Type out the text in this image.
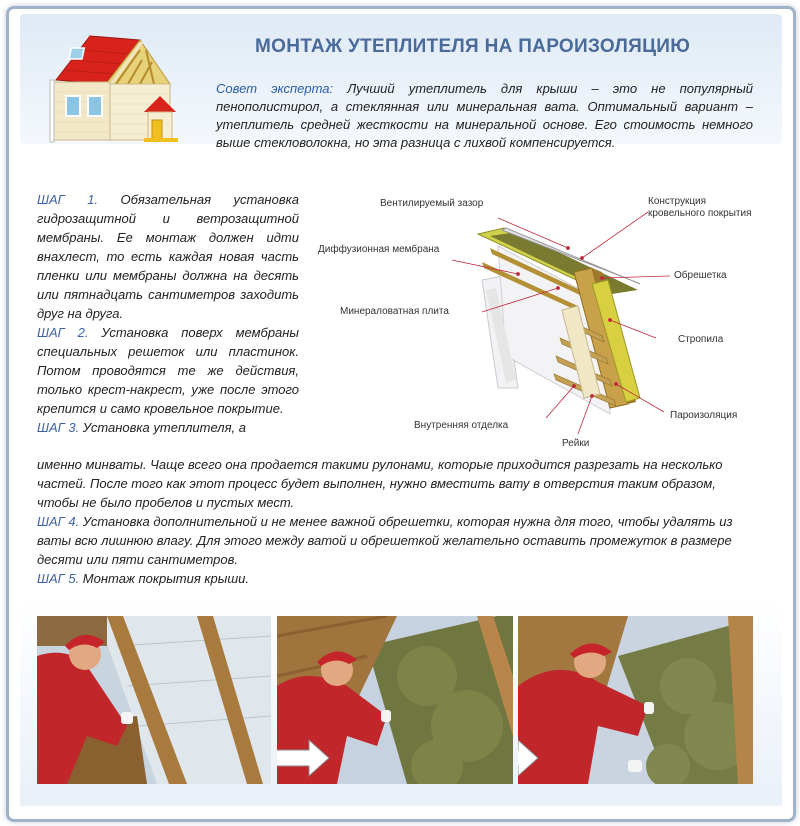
МОНТАЖ УТЕПЛИТЕЛЯ НА ПАРОИЗОЛЯЦИЮ
Совет эксперта: Лучший утеплитель для крыши – это не популярный пенополистирол, а стеклянная или минеральная вата. Оптимальный вариант – утеплитель средней жесткости на минеральной основе. Его стоимость немного выше стекловолокна, но эта разница с лихвой компенсируется.

ШАГ 1. Обязательная установка гидрозащитной и ветрозащитной мембраны. Ее монтаж должен идти внахлест, то есть каждая новая часть пленки или мембраны должна на десять или пятнадцать сантиметров заходить друг на друга.

ШАГ 2. Установка поверх мембраны специальных решеток или пластинок. Потом проводятся те же действия, только крест-накрест, уже после этого крепится и само кровельное покрытие.

ШАГ 3. Установка утеплителя, а

именно минваты. Чаще всего она продается такими рулонами, которые приходится разрезать на несколько частей. После того как этот процесс будет выполнен, нужно вместить вату в отверстия таким образом, чтобы не было пробелов и пустых мест.

ШАГ 4. Установка дополнительной и не менее важной обрешетки, которая нужна для того, чтобы удалять из ваты всю лишнюю влагу. Для этого между ватой и обрешеткой желательно оставить промежуток в размере десяти или пяти сантиметров.

ШАГ 5. Монтаж покрытия крыши.

Вентилируемый зазор
Диффузионная мембрана
Минераловатная плита
Внутренняя отделка
Конструкция
кровельного покрытия
Обрешетка
Стропила
Пароизоляция
Рейки
